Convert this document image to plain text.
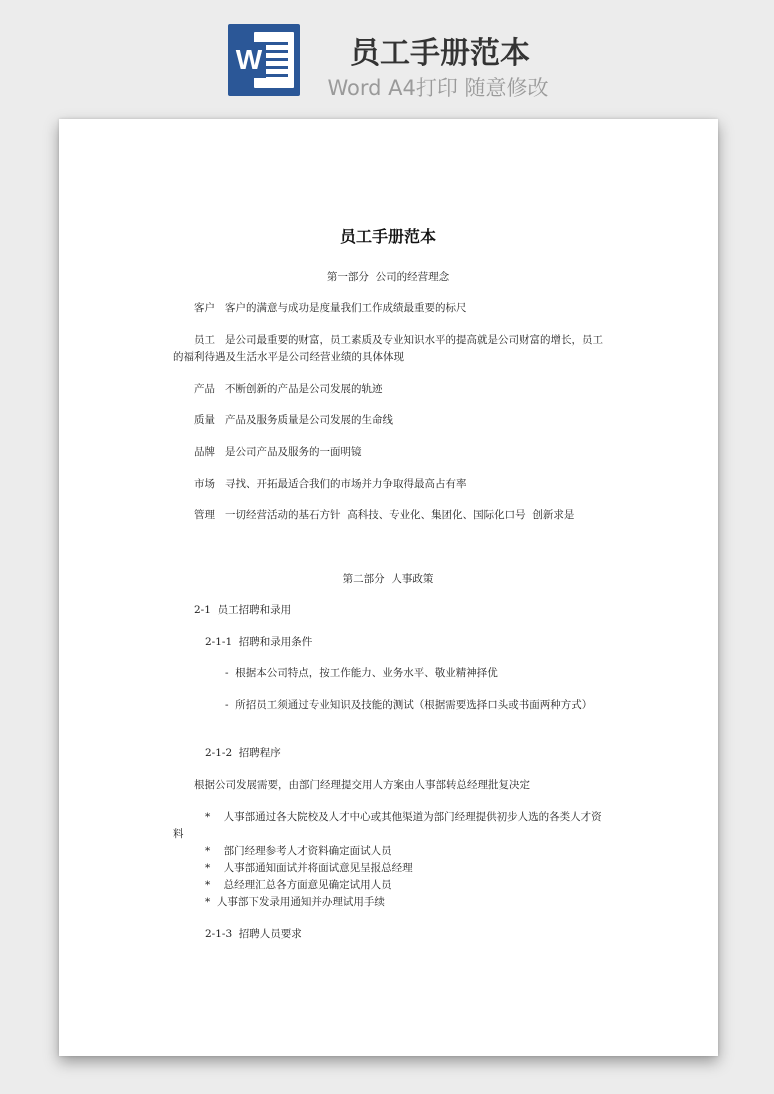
W	员工手册范本
Word A4打印 随意修改
员工手册范本
第一部分  公司的经营理念
客户   客户的满意与成功是度量我们工作成绩最重要的标尺
员工   是公司最重要的财富，员工素质及专业知识水平的提高就是公司财富的增长，员工的福利待遇及生活水平是公司经营业绩的具体体现
产品   不断创新的产品是公司发展的轨迹
质量   产品及服务质量是公司发展的生命线
品牌   是公司产品及服务的一面明镜
市场   寻找、开拓最适合我们的市场并力争取得最高占有率
管理   一切经营活动的基石方针  高科技、专业化、集团化、国际化口号  创新求是
第二部分  人事政策
2-1  员工招聘和录用
2-1-1  招聘和录用条件
-  根据本公司特点，按工作能力、业务水平、敬业精神择优
-  所招员工须通过专业知识及技能的测试（根据需要选择口头或书面两种方式）
2-1-2  招聘程序
根据公司发展需要，由部门经理提交用人方案由人事部转总经理批复决定
*    人事部通过各大院校及人才中心或其他渠道为部门经理提供初步人选的各类人才资料
*    部门经理参考人才资料确定面试人员
*    人事部通知面试并将面试意见呈报总经理
*    总经理汇总各方面意见确定试用人员
*  人事部下发录用通知并办理试用手续
2-1-3  招聘人员要求
